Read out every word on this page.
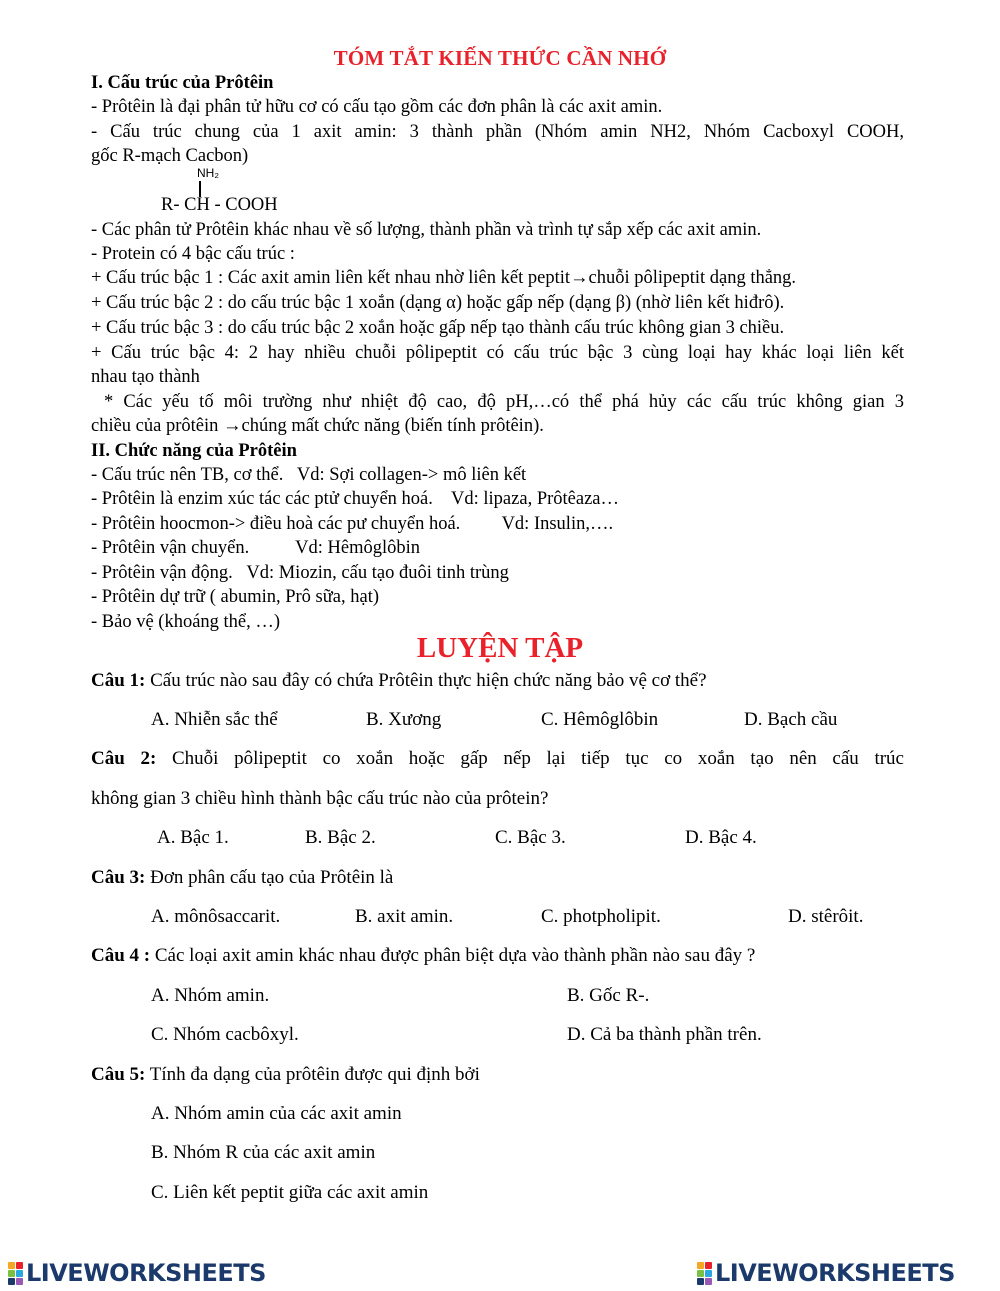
TÓM TẮT KIẾN THỨC CẦN NHỚ
I. Cấu trúc của Prôtêin
- Prôtêin là đại phân tử hữu cơ có cấu tạo gồm các đơn phân là các axit amin.
- Cấu trúc chung của 1 axit amin: 3 thành phần (Nhóm amin NH2, Nhóm Cacboxyl COOH,
gốc R-mạch Cacbon)
NH₂
R- CH - COOH
- Các phân tử Prôtêin khác nhau về số lượng, thành phần và trình tự sắp xếp các axit amin.
- Protein có 4 bậc cấu trúc :
+ Cấu trúc bậc 1 : Các axit amin liên kết nhau nhờ liên kết peptit→chuỗi pôlipeptit dạng thẳng.
+ Cấu trúc bậc 2 : do cấu trúc bậc 1 xoắn (dạng α) hoặc gấp nếp (dạng β) (nhờ liên kết hiđrô).
+ Cấu trúc bậc 3 : do cấu trúc bậc 2 xoắn hoặc gấp nếp tạo thành cấu trúc không gian 3 chiều.
+ Cấu trúc bậc 4: 2 hay nhiều chuỗi pôlipeptit có cấu trúc bậc 3 cùng loại hay khác loại liên kết
nhau tạo thành
* Các yếu tố môi trường như nhiệt độ cao, độ pH,…có thể phá hủy các cấu trúc không gian 3
chiều của prôtêin →chúng mất chức năng (biến tính prôtêin).
II. Chức năng của Prôtêin
- Cấu trúc nên TB, cơ thể.   Vd: Sợi collagen-> mô liên kết
- Prôtêin là enzim xúc tác các ptử chuyển hoá.    Vd: lipaza, Prôtêaza…
- Prôtêin hoocmon-> điều hoà các pư chuyển hoá.         Vd: Insulin,….
- Prôtêin vận chuyển.          Vd: Hêmôglôbin
- Prôtêin vận động.   Vd: Miozin, cấu tạo đuôi tinh trùng
- Prôtêin dự trữ ( abumin, Prô sữa, hạt)
- Bảo vệ (khoáng thể, …)
LUYỆN TẬP
Câu 1: Cấu trúc nào sau đây có chứa Prôtêin thực hiện chức năng bảo vệ cơ thể?
A. Nhiễn sắc thể	B. Xương	C. Hêmôglôbin	D. Bạch cầu
Câu 2: Chuỗi pôlipeptit co xoắn hoặc gấp nếp lại tiếp tục co xoắn tạo nên cấu trúc
không gian 3 chiều hình thành bậc cấu trúc nào của prôtein?
A. Bậc 1.	B. Bậc 2.	C. Bậc 3.	D. Bậc 4.
Câu 3: Đơn phân cấu tạo của Prôtêin là
A. mônôsaccarit.	B. axit amin.	C. photpholipit.	D. stêrôit.
Câu 4 : Các loại axit amin khác nhau được phân biệt dựa vào thành phần nào sau đây ?
A. Nhóm amin.	B. Gốc R-.
C. Nhóm cacbôxyl.	D. Cả ba thành phần trên.
Câu 5: Tính đa dạng của prôtêin được qui định bởi
A. Nhóm amin của các axit amin
B. Nhóm R của các axit amin
C. Liên kết peptit giữa các axit amin
LIVEWORKSHEETS	LIVEWORKSHEETS
